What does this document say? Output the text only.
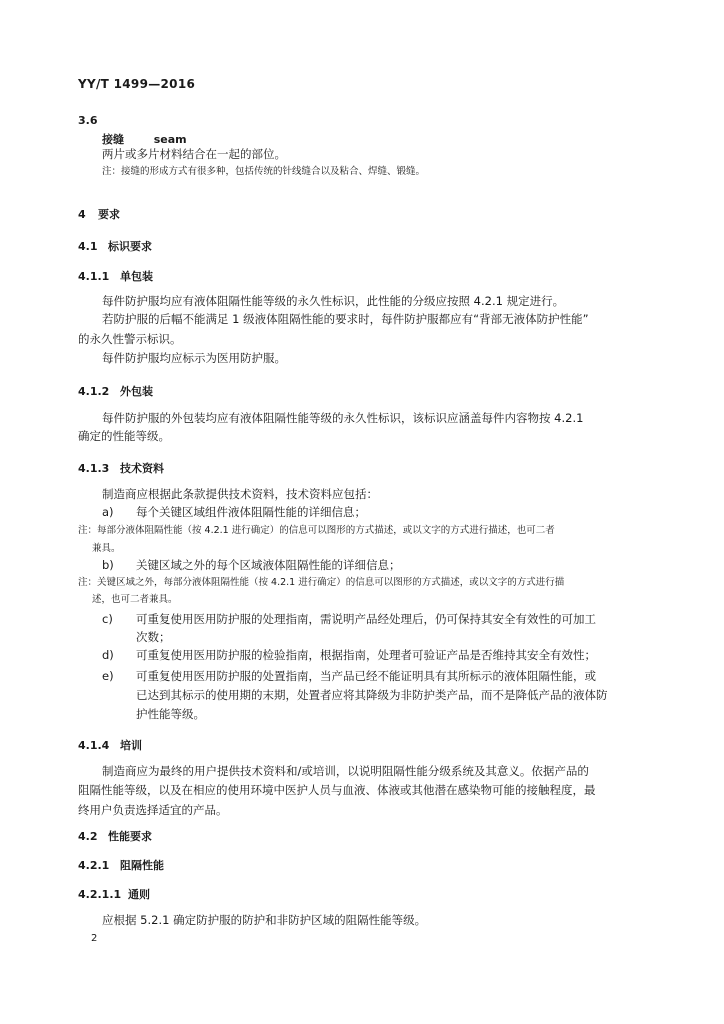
YY/T 1499—2016
3.6
接缝	seam
两片或多片材料结合在一起的部位。
注：接缝的形成方式有很多种，包括传统的针线缝合以及粘合、焊缝、锻缝。
4 要求
4.1 标识要求
4.1.1 单包装
每件防护服均应有液体阻隔性能等级的永久性标识，此性能的分级应按照 4.2.1 规定进行。
若防护服的后幅不能满足 1 级液体阻隔性能的要求时，每件防护服都应有“背部无液体防护性能”
的永久性警示标识。
每件防护服均应标示为医用防护服。
4.1.2 外包装
每件防护服的外包装均应有液体阻隔性能等级的永久性标识，该标识应涵盖每件内容物按 4.2.1
确定的性能等级。
4.1.3 技术资料
制造商应根据此条款提供技术资料，技术资料应包括：
a) 每个关键区域组件液体阻隔性能的详细信息；
注：每部分液体阻隔性能（按 4.2.1 进行确定）的信息可以图形的方式描述，或以文字的方式进行描述，也可二者
兼具。
b) 关键区域之外的每个区域液体阻隔性能的详细信息；
注：关键区域之外，每部分液体阻隔性能（按 4.2.1 进行确定）的信息可以图形的方式描述，或以文字的方式进行描
述，也可二者兼具。
c) 可重复使用医用防护服的处理指南，需说明产品经处理后，仍可保持其安全有效性的可加工
次数；
d) 可重复使用医用防护服的检验指南，根据指南，处理者可验证产品是否维持其安全有效性；
e) 可重复使用医用防护服的处置指南，当产品已经不能证明具有其所标示的液体阻隔性能，或
已达到其标示的使用期的末期，处置者应将其降级为非防护类产品，而不是降低产品的液体防
护性能等级。
4.1.4 培训
制造商应为最终的用户提供技术资料和/或培训，以说明阻隔性能分级系统及其意义。依据产品的
阻隔性能等级，以及在相应的使用环境中医护人员与血液、体液或其他潜在感染物可能的接触程度，最
终用户负责选择适宜的产品。
4.2 性能要求
4.2.1 阻隔性能
4.2.1.1 通则
应根据 5.2.1 确定防护服的防护和非防护区域的阻隔性能等级。
2
